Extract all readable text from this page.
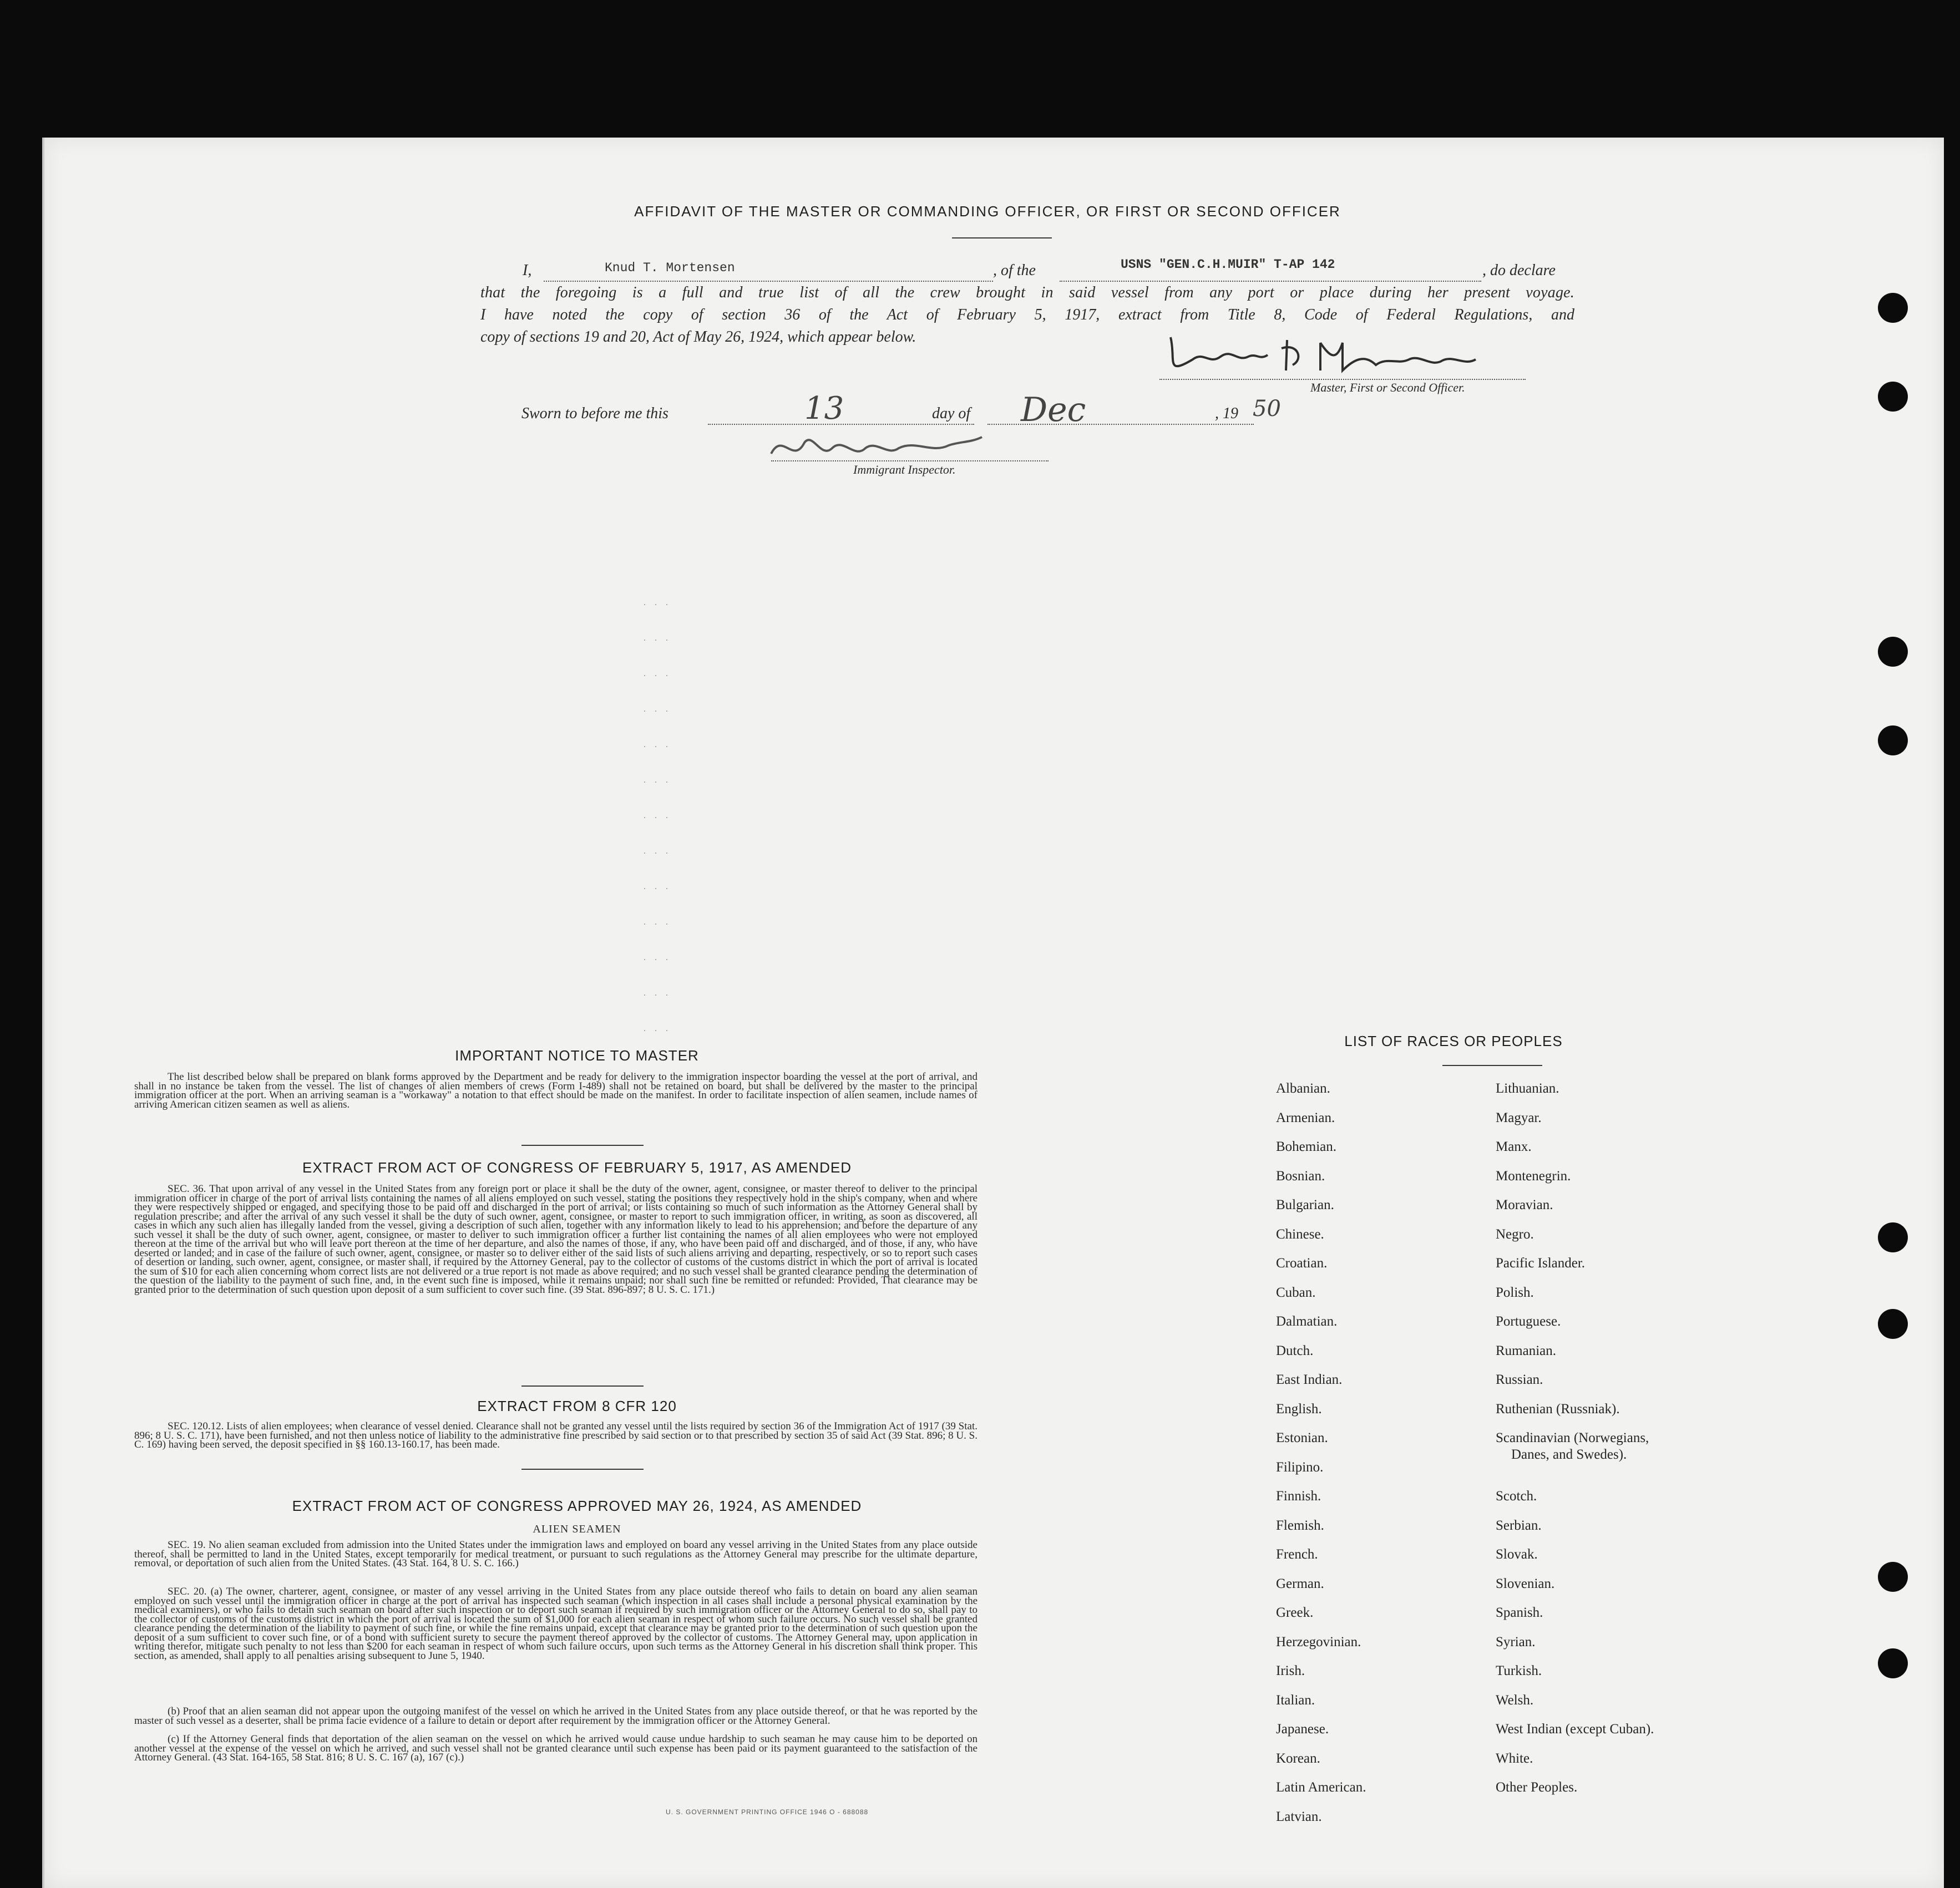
AFFIDAVIT OF THE MASTER OR COMMANDING OFFICER, OR FIRST OR SECOND OFFICER
I,	Knud T. Mortensen	, of the	USNS "GEN.C.H.MUIR" T-AP 142	, do declare
that the foregoing is a full and true list of all the crew brought in said vessel from any port or place during her present voyage.
I have noted the copy of section 36 of the Act of February 5, 1917, extract from Title 8, Code of Federal Regulations, and
copy of sections 19 and 20, Act of May 26, 1924, which appear below.
Master, First or Second Officer.
Sworn to before me this	13	day of Dec	, 19 50
Immigrant Inspector.
. . .
. . .
. . .
. . .
. . .
. . .
. . .
. . .
. . .
. . .
. . .
. . .
. . .
IMPORTANT NOTICE TO MASTER
The list described below shall be prepared on blank forms approved by the Department and be ready for delivery to the immigration inspector boarding the vessel at the port of arrival, and shall in no instance be taken from the vessel. The list of changes of alien members of crews (Form I-489) shall not be retained on board, but shall be delivered by the master to the principal immigration officer at the port. When an arriving seaman is a "workaway" a notation to that effect should be made on the manifest. In order to facilitate inspection of alien seamen, include names of arriving American citizen seamen as well as aliens.
EXTRACT FROM ACT OF CONGRESS OF FEBRUARY 5, 1917, AS AMENDED
SEC. 36. That upon arrival of any vessel in the United States from any foreign port or place it shall be the duty of the owner, agent, consignee, or master thereof to deliver to the principal immigration officer in charge of the port of arrival lists containing the names of all aliens employed on such vessel, stating the positions they respectively hold in the ship's company, when and where they were respectively shipped or engaged, and specifying those to be paid off and discharged in the port of arrival; or lists containing so much of such information as the Attorney General shall by regulation prescribe; and after the arrival of any such vessel it shall be the duty of such owner, agent, consignee, or master to report to such immigration officer, in writing, as soon as discovered, all cases in which any such alien has illegally landed from the vessel, giving a description of such alien, together with any information likely to lead to his apprehension; and before the departure of any such vessel it shall be the duty of such owner, agent, consignee, or master to deliver to such immigration officer a further list containing the names of all alien employees who were not employed thereon at the time of the arrival but who will leave port thereon at the time of her departure, and also the names of those, if any, who have been paid off and discharged, and of those, if any, who have deserted or landed; and in case of the failure of such owner, agent, consignee, or master so to deliver either of the said lists of such aliens arriving and departing, respectively, or so to report such cases of desertion or landing, such owner, agent, consignee, or master shall, if required by the Attorney General, pay to the collector of customs of the customs district in which the port of arrival is located the sum of $10 for each alien concerning whom correct lists are not delivered or a true report is not made as above required; and no such vessel shall be granted clearance pending the determination of the question of the liability to the payment of such fine, and, in the event such fine is imposed, while it remains unpaid; nor shall such fine be remitted or refunded: Provided, That clearance may be granted prior to the determination of such question upon deposit of a sum sufficient to cover such fine. (39 Stat. 896-897; 8 U. S. C. 171.)
EXTRACT FROM 8 CFR 120
SEC. 120.12. Lists of alien employees; when clearance of vessel denied. Clearance shall not be granted any vessel until the lists required by section 36 of the Immigration Act of 1917 (39 Stat. 896; 8 U. S. C. 171), have been furnished, and not then unless notice of liability to the administrative fine prescribed by said section or to that prescribed by section 35 of said Act (39 Stat. 896; 8 U. S. C. 169) having been served, the deposit specified in §§ 160.13-160.17, has been made.
EXTRACT FROM ACT OF CONGRESS APPROVED MAY 26, 1924, AS AMENDED
ALIEN SEAMEN
SEC. 19. No alien seaman excluded from admission into the United States under the immigration laws and employed on board any vessel arriving in the United States from any place outside thereof, shall be permitted to land in the United States, except temporarily for medical treatment, or pursuant to such regulations as the Attorney General may prescribe for the ultimate departure, removal, or deportation of such alien from the United States. (43 Stat. 164, 8 U. S. C. 166.)
SEC. 20. (a) The owner, charterer, agent, consignee, or master of any vessel arriving in the United States from any place outside thereof who fails to detain on board any alien seaman employed on such vessel until the immigration officer in charge at the port of arrival has inspected such seaman (which inspection in all cases shall include a personal physical examination by the medical examiners), or who fails to detain such seaman on board after such inspection or to deport such seaman if required by such immigration officer or the Attorney General to do so, shall pay to the collector of customs of the customs district in which the port of arrival is located the sum of $1,000 for each alien seaman in respect of whom such failure occurs. No such vessel shall be granted clearance pending the determination of the liability to payment of such fine, or while the fine remains unpaid, except that clearance may be granted prior to the determination of such question upon the deposit of a sum sufficient to cover such fine, or of a bond with sufficient surety to secure the payment thereof approved by the collector of customs. The Attorney General may, upon application in writing therefor, mitigate such penalty to not less than $200 for each seaman in respect of whom such failure occurs, upon such terms as the Attorney General in his discretion shall think proper. This section, as amended, shall apply to all penalties arising subsequent to June 5, 1940.
(b) Proof that an alien seaman did not appear upon the outgoing manifest of the vessel on which he arrived in the United States from any place outside thereof, or that he was reported by the master of such vessel as a deserter, shall be prima facie evidence of a failure to detain or deport after requirement by the immigration officer or the Attorney General.
(c) If the Attorney General finds that deportation of the alien seaman on the vessel on which he arrived would cause undue hardship to such seaman he may cause him to be deported on another vessel at the expense of the vessel on which he arrived, and such vessel shall not be granted clearance until such expense has been paid or its payment guaranteed to the satisfaction of the Attorney General. (43 Stat. 164-165, 58 Stat. 816; 8 U. S. C. 167 (a), 167 (c).)
U. S. GOVERNMENT PRINTING OFFICE 1946 O - 688088
LIST OF RACES OR PEOPLES
Albanian.
Armenian.
Bohemian.
Bosnian.
Bulgarian.
Chinese.
Croatian.
Cuban.
Dalmatian.
Dutch.
East Indian.
English.
Estonian.
Filipino.
Finnish.
Flemish.
French.
German.
Greek.
Herzegovinian.
Irish.
Italian.
Japanese.
Korean.
Latin American.
Latvian.
Lithuanian.
Magyar.
Manx.
Montenegrin.
Moravian.
Negro.
Pacific Islander.
Polish.
Portuguese.
Rumanian.
Russian.
Ruthenian (Russniak).
Scandinavian (Norwegians,
Danes, and Swedes).
Scotch.
Serbian.
Slovak.
Slovenian.
Spanish.
Syrian.
Turkish.
Welsh.
West Indian (except Cuban).
White.
Other Peoples.
